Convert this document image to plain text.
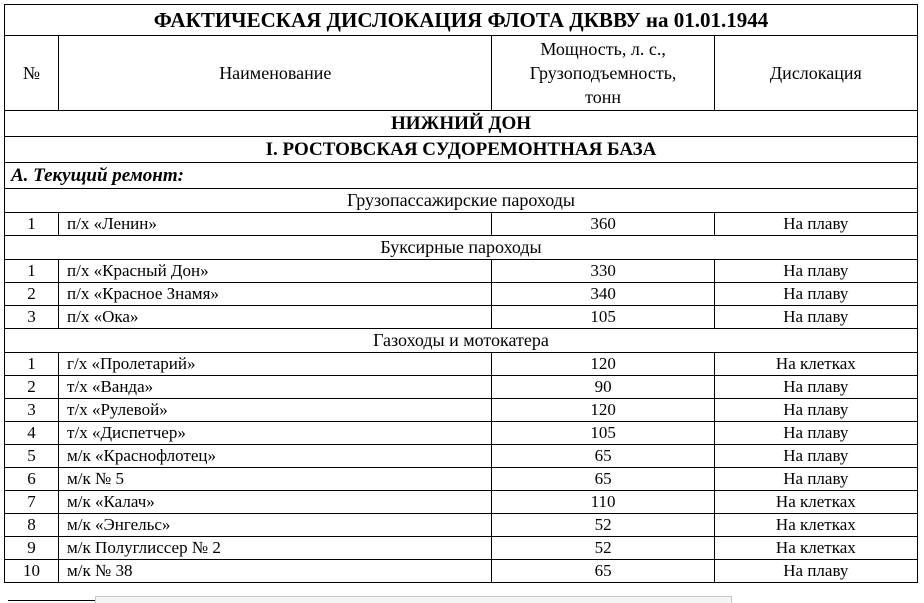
ФАКТИЧЕСКАЯ ДИСЛОКАЦИЯ ФЛОТА ДКВВУ на 01.01.1944			
№	Наименование	Мощность, л. с.,
Грузоподъемность,
тонн	Дислокация
НИЖНИЙ ДОН			
I. РОСТОВСКАЯ СУДОРЕМОНТНАЯ БАЗА			
А. Текущий ремонт:			
Грузопассажирские пароходы			
1	п/х «Ленин»	360	На плаву
Буксирные пароходы			
1	п/х «Красный Дон»	330	На плаву
2	п/х «Красное Знамя»	340	На плаву
3	п/х «Ока»	105	На плаву
Газоходы и мотокатера			
1	г/х «Пролетарий»	120	На клетках
2	т/х «Ванда»	90	На плаву
3	т/х «Рулевой»	120	На плаву
4	т/х «Диспетчер»	105	На плаву
5	м/к «Краснофлотец»	65	На плаву
6	м/к № 5	65	На плаву
7	м/к «Калач»	110	На клетках
8	м/к «Энгельс»	52	На клетках
9	м/к Полуглиссер № 2	52	На клетках
10	м/к № 38	65	На плаву
